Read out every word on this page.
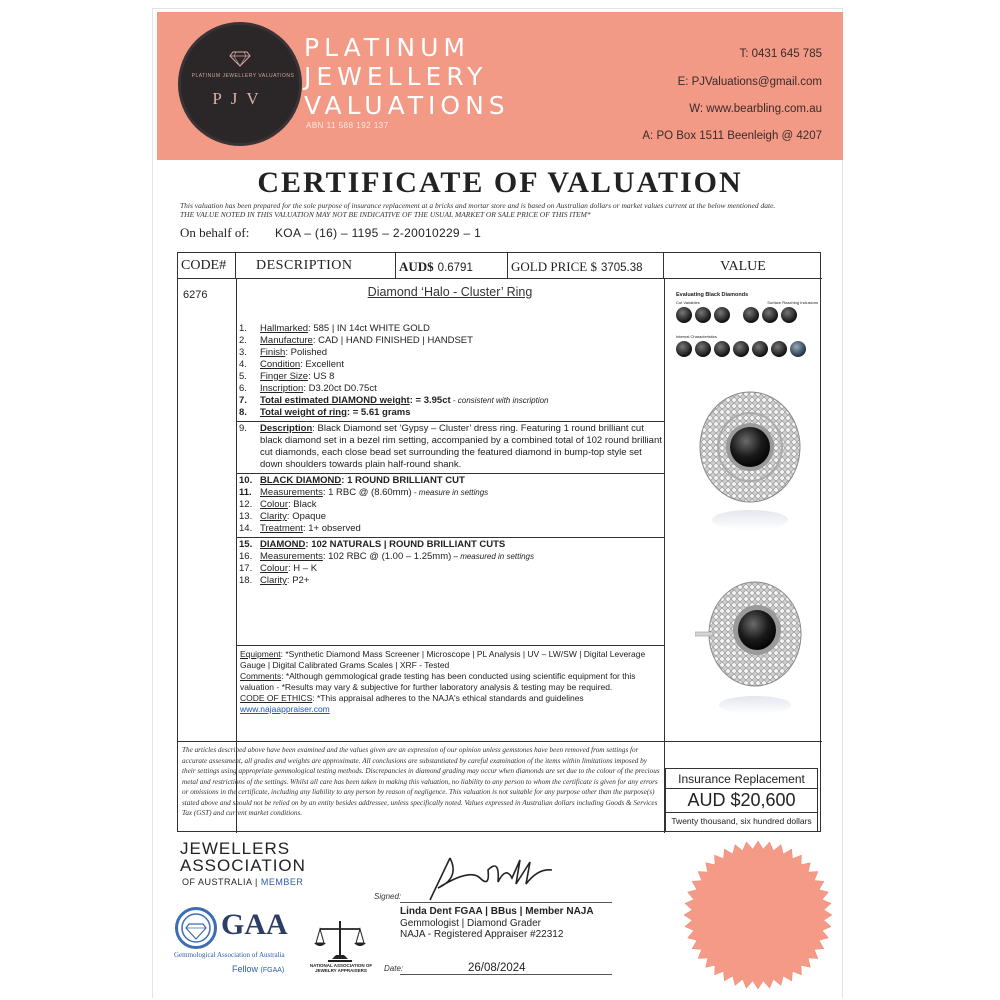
PLATINUM JEWELLERY VALUATIONS
PJV
PLATINUM
JEWELLERY
VALUATIONS
ABN 11 588 192 137
T: 0431 645 785
E: PJValuations@gmail.com
W: www.bearbling.com.au
A: PO Box 1511 Beenleigh @ 4207
CERTIFICATE OF VALUATION
This valuation has been prepared for the sole purpose of insurance replacement at a bricks and mortar store and is based on Australian dollars or market values current at the below mentioned date.
THE VALUE NOTED IN THIS VALUATION MAY NOT BE INDICATIVE OF THE USUAL MARKET OR SALE PRICE OF THIS ITEM*
On behalf of: KOA – (16) – 1195 – 2-20010229 – 1
CODE#	DESCRIPTION	AUD$ 0.6791	GOLD PRICE $ 3705.38	VALUE
6276	Diamond ‘Halo - Cluster’ Ring
1.	Hallmarked: 585 | IN 14ct WHITE GOLD
2.	Manufacture: CAD | HAND FINISHED | HANDSET
3.	Finish: Polished
4.	Condition: Excellent
5.	Finger Size: US 8
6.	Inscription: D3.20ct D0.75ct
7.	Total estimated DIAMOND weight: = 3.95ct - consistent with inscription
8.	Total weight of ring: = 5.61 grams
9.	Description: Black Diamond set ‘Gypsy – Cluster’ dress ring. Featuring 1 round brilliant cut black diamond set in a bezel rim setting, accompanied by a combined total of 102 round brilliant cut diamonds, each close bead set surrounding the featured diamond in bump-top style set down shoulders towards plain half-round shank.
10. BLACK DIAMOND: 1 ROUND BRILLIANT CUT
11. Measurements: 1 RBC @ (8.60mm) - measure in settings
12. Colour: Black
13. Clarity: Opaque
14. Treatment: 1+ observed
15. DIAMOND: 102 NATURALS | ROUND BRILLIANT CUTS
16. Measurements: 102 RBC @ (1.00 – 1.25mm) – measured in settings
17. Colour: H – K
18. Clarity: P2+
Equipment: *Synthetic Diamond Mass Screener | Microscope | PL Analysis | UV – LW/SW | Digital Leverage Gauge | Digital Calibrated Grams Scales | XRF - Tested
Comments: *Although gemmological grade testing has been conducted using scientific equipment for this valuation - *Results may vary & subjective for further laboratory analysis & testing may be required.
CODE OF ETHICS: *This appraisal adheres to the NAJA's ethical standards and guidelines www.najaappraiser.com
The articles described above have been examined and the values given are an expression of our opinion unless gemstones have been removed from settings for accurate assessment, all grades and weights are approximate. All conclusions are substantiated by careful examination of the items within limitations imposed by their settings using appropriate gemmological testing methods. Discrepancies in diamond grading may occur when diamonds are set due to the colour of the precious metal and restrictions of the settings. Whilst all care has been taken in making this valuation, no liability to any person to whom the certificate is given for any errors or omissions in the certificate, including any liability to any person by reason of negligence. This valuation is not suitable for any purpose other than the purpose(s) stated above and should not be relied on by an entity besides addressee, unless specifically noted. Values expressed in Australian dollars including Goods & Services Tax (GST) and current market conditions.
Evaluating Black Diamonds
Cut Variables	Surface Reaching Inclusions
Internal Characteristics
Insurance Replacement
AUD $20,600
Twenty thousand, six hundred dollars
JEWELLERS
ASSOCIATION
OF AUSTRALIA | MEMBER
GAA
Gemmological Association of Australia
Fellow (FGAA)
NATIONAL ASSOCIATION OF JEWELRY APPRAISERS
Signed:
Linda Dent FGAA | BBus | Member NAJA
Gemmologist | Diamond Grader
NAJA - Registered Appraiser #22312
Date:	26/08/2024
